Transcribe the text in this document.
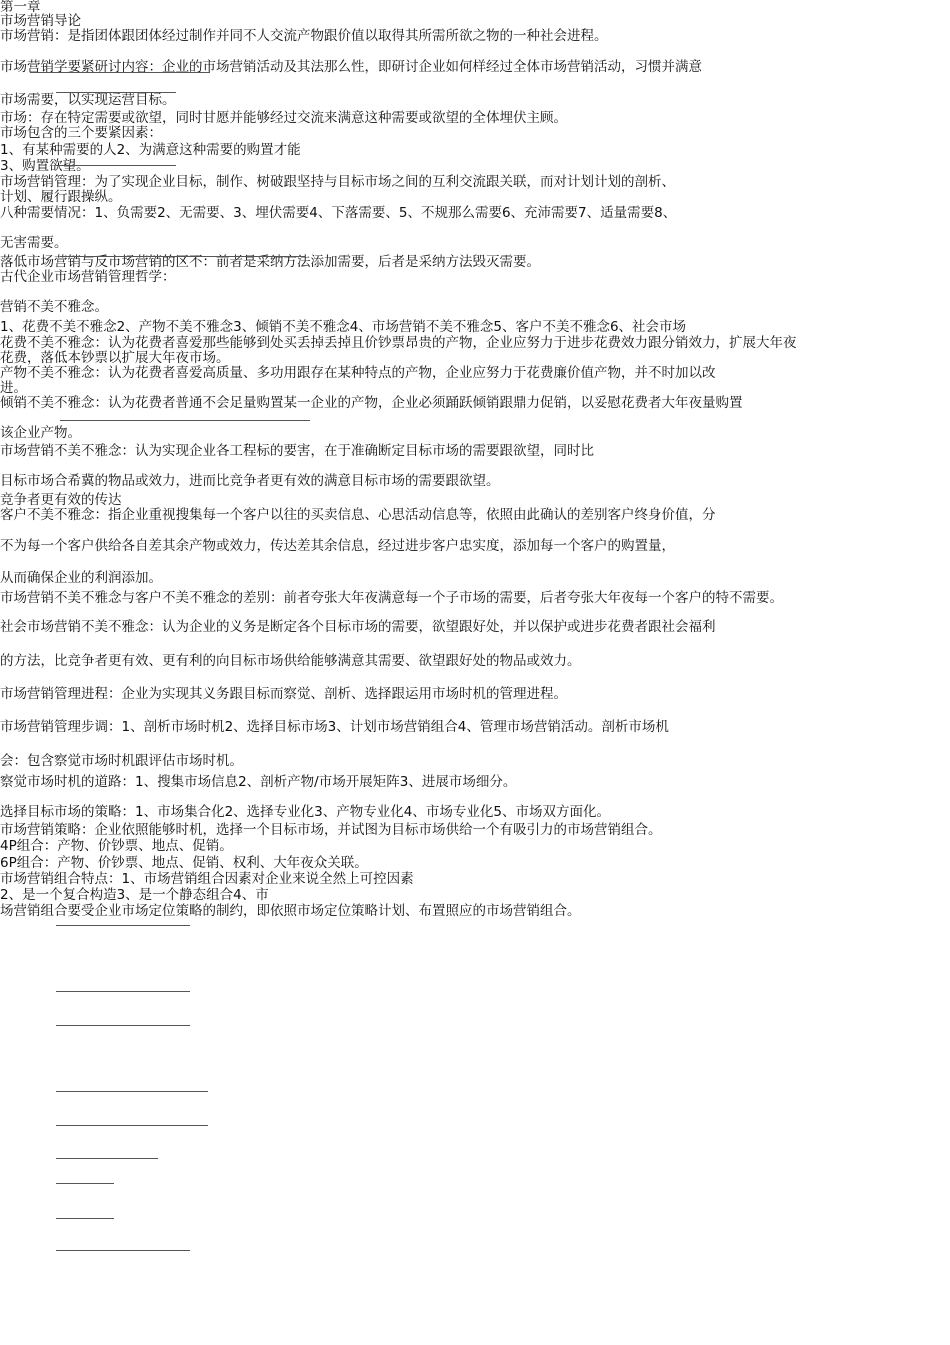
第一章
市场营销导论
市场营销：是指团体跟团体经过制作并同不人交流产物跟价值以取得其所需所欲之物的一种社会进程。
市场营销学要紧研讨内容：企业的市场营销活动及其法那么性，即研讨企业如何样经过全体市场营销活动，习惯并满意
市场需要，以实现运营目标。
市场：存在特定需要或欲望，同时甘愿并能够经过交流来满意这种需要或欲望的全体埋伏主顾。
市场包含的三个要紧因素：
1、有某种需要的人2、为满意这种需要的购置才能
3、购置欲望。
市场营销管理：为了实现企业目标，制作、树破跟坚持与目标市场之间的互利交流跟关联，而对计划计划的剖析、
计划、履行跟操纵。
八种需要情况：1、负需要2、无需要、3、埋伏需要4、下落需要、5、不规那么需要6、充沛需要7、适量需要8、
无害需要。
落低市场营销与反市场营销的区不：前者是采纳方法添加需要，后者是采纳方法毁灭需要。
古代企业市场营销管理哲学：
营销不美不雅念。
1、花费不美不雅念2、产物不美不雅念3、倾销不美不雅念4、市场营销不美不雅念5、客户不美不雅念6、社会市场
花费不美不雅念：认为花费者喜爱那些能够到处买丢掉丢掉且价钞票昂贵的产物，企业应努力于进步花费效力跟分销效力，扩展大年夜
花费，落低本钞票以扩展大年夜市场。
产物不美不雅念：认为花费者喜爱高质量、多功用跟存在某种特点的产物，企业应努力于花费廉价值产物，并不时加以改
进。
倾销不美不雅念：认为花费者普通不会足量购置某一企业的产物，企业必须踊跃倾销跟鼎力促销，以妥慰花费者大年夜量购置
该企业产物。
市场营销不美不雅念：认为实现企业各工程标的要害，在于准确断定目标市场的需要跟欲望，同时比
目标市场合希冀的物品或效力，进而比竞争者更有效的满意目标市场的需要跟欲望。
竞争者更有效的传达
客户不美不雅念：指企业重视搜集每一个客户以往的买卖信息、心思活动信息等，依照由此确认的差别客户终身价值，分
不为每一个客户供给各自差其余产物或效力，传达差其余信息，经过进步客户忠实度，添加每一个客户的购置量，
从而确保企业的利润添加。
市场营销不美不雅念与客户不美不雅念的差别：前者夸张大年夜满意每一个子市场的需要，后者夸张大年夜每一个客户的特不需要。
社会市场营销不美不雅念：认为企业的义务是断定各个目标市场的需要，欲望跟好处，并以保护或进步花费者跟社会福利
的方法，比竞争者更有效、更有利的向目标市场供给能够满意其需要、欲望跟好处的物品或效力。
市场营销管理进程：企业为实现其义务跟目标而察觉、剖析、选择跟运用市场时机的管理进程。
市场营销管理步调：1、剖析市场时机2、选择目标市场3、计划市场营销组合4、管理市场营销活动。剖析市场机
会：包含察觉市场时机跟评估市场时机。
察觉市场时机的道路：1、搜集市场信息2、剖析产物/市场开展矩阵3、进展市场细分。
选择目标市场的策略：1、市场集合化2、选择专业化3、产物专业化4、市场专业化5、市场双方面化。
市场营销策略：企业依照能够时机，选择一个目标市场，并试图为目标市场供给一个有吸引力的市场营销组合。
4P组合：产物、价钞票、地点、促销。
6P组合：产物、价钞票、地点、促销、权利、大年夜众关联。
市场营销组合特点：1、市场营销组合因素对企业来说全然上可控因素
2、是一个复合构造3、是一个静态组合4、市
场营销组合要受企业市场定位策略的制约，即依照市场定位策略计划、布置照应的市场营销组合。
